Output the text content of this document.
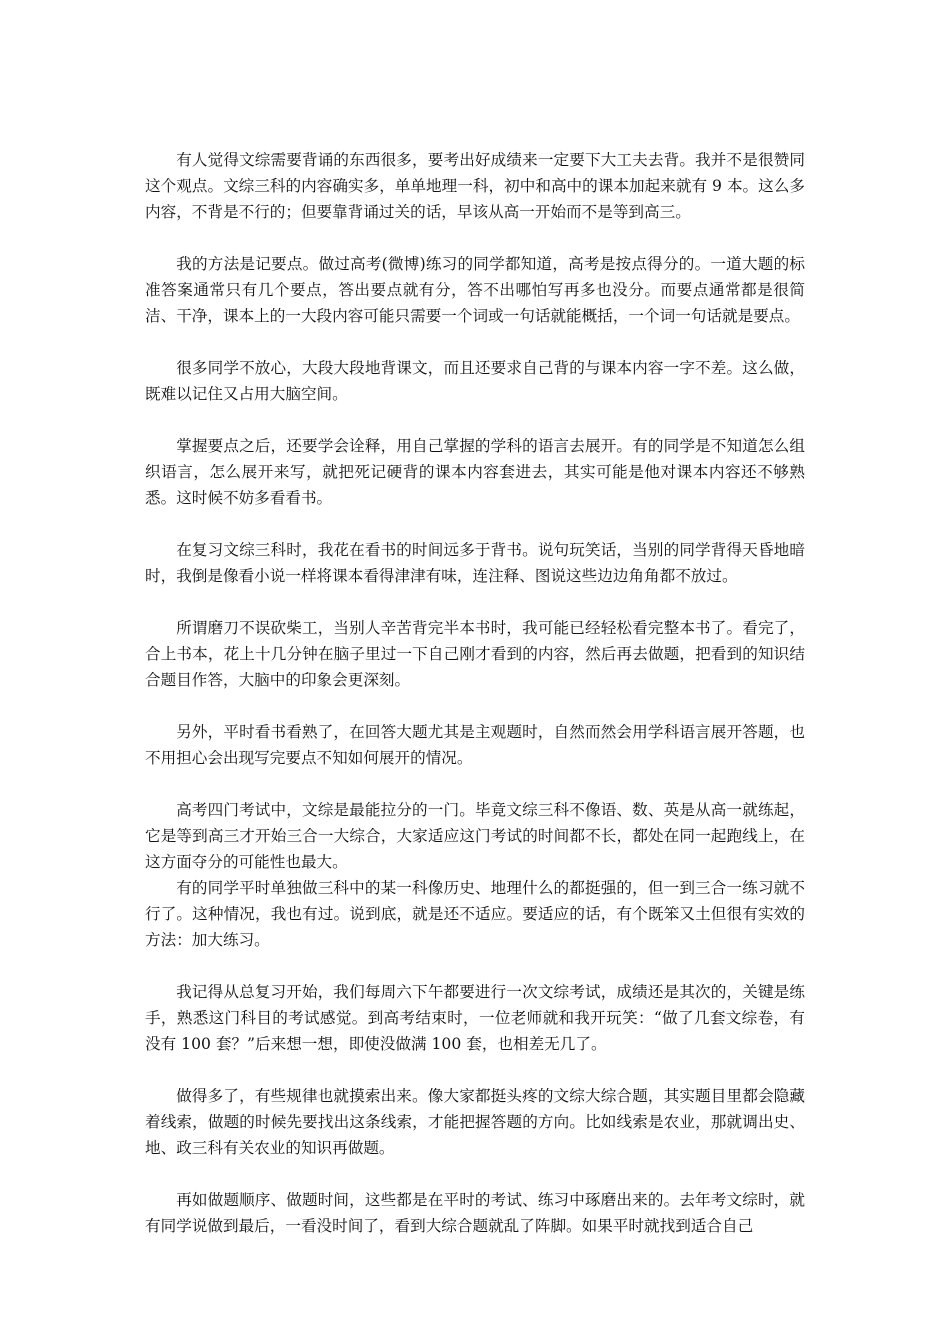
有人觉得文综需要背诵的东西很多，要考出好成绩来一定要下大工夫去背。我并不是很赞同这个观点。文综三科的内容确实多，单单地理一科，初中和高中的课本加起来就有 9 本。这么多内容，不背是不行的；但要靠背诵过关的话，早该从高一开始而不是等到高三。

我的方法是记要点。做过高考(微博)练习的同学都知道，高考是按点得分的。一道大题的标准答案通常只有几个要点，答出要点就有分，答不出哪怕写再多也没分。而要点通常都是很简洁、干净，课本上的一大段内容可能只需要一个词或一句话就能概括，一个词一句话就是要点。

很多同学不放心，大段大段地背课文，而且还要求自己背的与课本内容一字不差。这么做，既难以记住又占用大脑空间。

掌握要点之后，还要学会诠释，用自己掌握的学科的语言去展开。有的同学是不知道怎么组织语言，怎么展开来写，就把死记硬背的课本内容套进去，其实可能是他对课本内容还不够熟悉。这时候不妨多看看书。

在复习文综三科时，我花在看书的时间远多于背书。说句玩笑话，当别的同学背得天昏地暗时，我倒是像看小说一样将课本看得津津有味，连注释、图说这些边边角角都不放过。

所谓磨刀不误砍柴工，当别人辛苦背完半本书时，我可能已经轻松看完整本书了。看完了，合上书本，花上十几分钟在脑子里过一下自己刚才看到的内容，然后再去做题，把看到的知识结合题目作答，大脑中的印象会更深刻。

另外，平时看书看熟了，在回答大题尤其是主观题时，自然而然会用学科语言展开答题，也不用担心会出现写完要点不知如何展开的情况。

高考四门考试中，文综是最能拉分的一门。毕竟文综三科不像语、数、英是从高一就练起，它是等到高三才开始三合一大综合，大家适应这门考试的时间都不长，都处在同一起跑线上，在这方面夺分的可能性也最大。

有的同学平时单独做三科中的某一科像历史、地理什么的都挺强的，但一到三合一练习就不行了。这种情况，我也有过。说到底，就是还不适应。要适应的话，有个既笨又土但很有实效的方法：加大练习。

我记得从总复习开始，我们每周六下午都要进行一次文综考试，成绩还是其次的，关键是练手，熟悉这门科目的考试感觉。到高考结束时，一位老师就和我开玩笑：“做了几套文综卷，有没有 100 套？”后来想一想，即使没做满 100 套，也相差无几了。

做得多了，有些规律也就摸索出来。像大家都挺头疼的文综大综合题，其实题目里都会隐藏着线索，做题的时候先要找出这条线索，才能把握答题的方向。比如线索是农业，那就调出史、地、政三科有关农业的知识再做题。

再如做题顺序、做题时间，这些都是在平时的考试、练习中琢磨出来的。去年考文综时，就有同学说做到最后，一看没时间了，看到大综合题就乱了阵脚。如果平时就找到适合自己
